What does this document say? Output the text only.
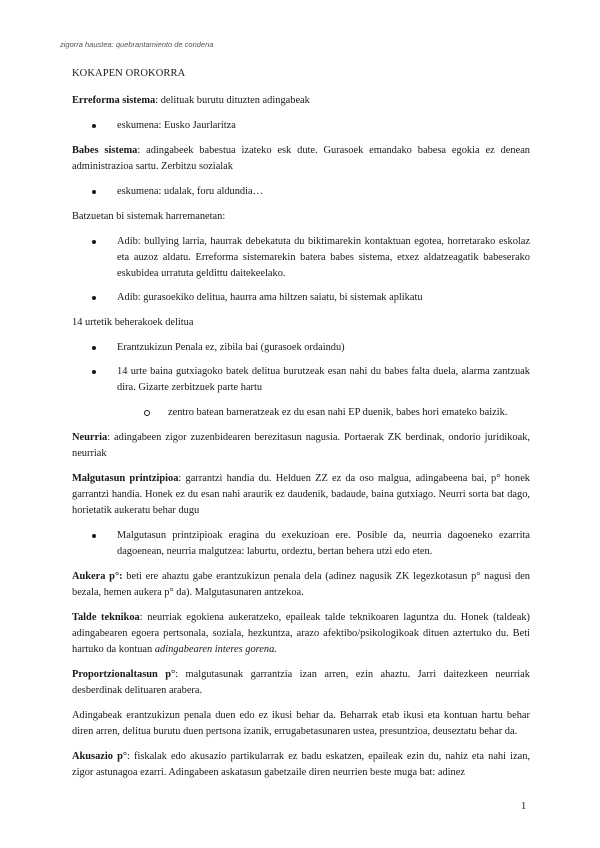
zigorra haustea: quebrantamiento de condena
KOKAPEN OROKORRA

Erreforma sistema: delituak burutu dituzten adingabeak

eskumena: Eusko Jaurlaritza

Babes sistema: adingabeek babestua izateko esk dute. Gurasoek emandako babesa egokia ez denean administrazioa sartu. Zerbitzu sozialak

eskumena: udalak, foru aldundia…

Batzuetan bi sistemak harremanetan:

Adib: bullying larria, haurrak debekatuta du biktimarekin kontaktuan egotea, horretarako eskolaz eta auzoz aldatu. Erreforma sistemarekin batera babes sistema, etxez aldatzeagatik babeserako eskubidea urratuta geldittu daitekeelako.
Adib: gurasoekiko delitua, haurra ama hiltzen saiatu, bi sistemak aplikatu

14 urtetik beherakoek delitua

Erantzukizun Penala ez, zibila bai (gurasoek ordaindu)
14 urte baina gutxiagoko batek delitua burutzeak esan nahi du babes falta duela, alarma zantzuak dira. Gizarte zerbitzuek parte hartu
zentro batean barneratzeak ez du esan nahi EP duenik, babes hori emateko baizik.

Neurria: adingabeen zigor zuzenbidearen berezitasun nagusia. Portaerak ZK berdinak, ondorio juridikoak, neurriak

Malgutasun printzipioa: garrantzi handia du. Helduen ZZ ez da oso malgua, adingabeena bai, p° honek garrantzi handia. Honek ez du esan nahi araurik ez daudenik, badaude, baina gutxiago. Neurri sorta bat dago, horietatik aukeratu behar dugu

Malgutasun printzipioak eragina du exekuzioan ere. Posible da, neurria dagoeneko ezarrita dagoenean, neurria malgutzea: laburtu, ordeztu, bertan behera utzi edo eten.

Aukera p°: beti ere ahaztu gabe erantzukizun penala dela (adinez nagusik ZK legezkotasun p° nagusi den bezala, hemen aukera p° da). Malgutasunaren antzekoa.

Talde teknikoa: neurriak egokiena aukeratzeko, epaileak talde teknikoaren laguntza du. Honek (taldeak) adingabearen egoera pertsonala, soziala, hezkuntza, arazo afektibo/psikologikoak dituen aztertuko du. Beti hartuko da kontuan adingabearen interes gorena.

Proportzionaltasun p°: malgutasunak garrantzia izan arren, ezin ahaztu. Jarri daitezkeen neurriak desberdinak delituaren arabera.

Adingabeak erantzukizun penala duen edo ez ikusi behar da. Beharrak etab ikusi eta kontuan hartu behar diren arren, delitua burutu duen pertsona izanik, errugabetasunaren ustea, presuntzioa, deuseztatu behar da.

Akusazio p°: fiskalak edo akusazio partikularrak ez badu eskatzen, epaileak ezin du, nahiz eta nahi izan, zigor astunagoa ezarri. Adingabeen askatasun gabetzaile diren neurrien beste muga bat: adinez

1
